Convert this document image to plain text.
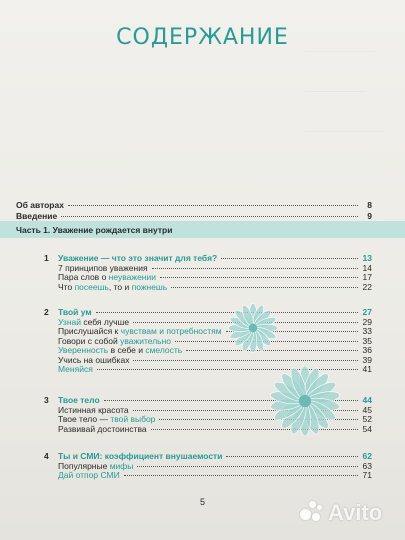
СОДЕРЖАНИЕ
Об авторах	8
Введение	9
1 Уважение — что это значит для тебя?	13
7 принципов уважения	14
Пара слов о неуважении	17
Что посеешь, то и пожнешь	22
2 Твой ум	27
Узнай себя лучше	29
Прислушайся к чувствам и потребностям	33
Говори с собой уважительно	35
Уверенность в себе и смелость	36
Учись на ошибках	39
Меняйся	41
3 Твое тело	44
Истинная красота	45
Твое тело — твой выбор	52
Развивай достоинства	54
4 Ты и СМИ: коэффициент внушаемости	62
Популярные мифы	63
Дай отпор СМИ	71
Часть 1. Уважение рождается внутри
5	Avito
